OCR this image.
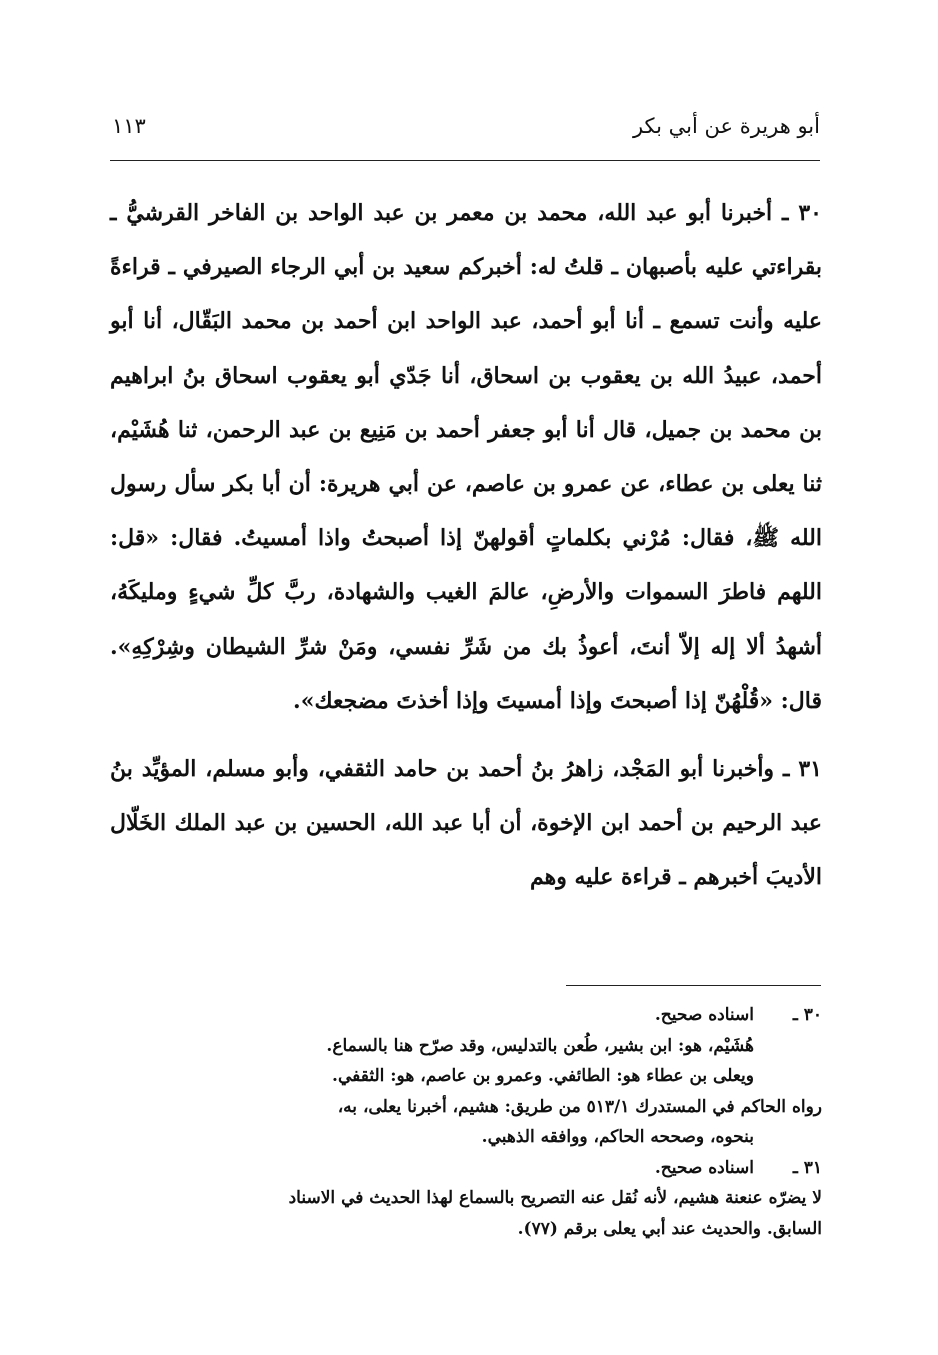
أبو هريرة عن أبي بكر
١١٣

٣٠ ـ أخبرنا أبو عبد الله، محمد بن معمر بن عبد الواحد بن الفاخر القرشيُّ ـ بقراءتي عليه بأصبهان ـ قلتُ له: أخبركم سعيد بن أبي الرجاء الصيرفي ـ قراءةً عليه وأنت تسمع ـ أنا أبو أحمد، عبد الواحد ابن أحمد بن محمد البَقّال، أنا أبو أحمد، عبيدُ الله بن يعقوب بن اسحاق، أنا جَدّي أبو يعقوب اسحاق بنُ ابراهيم بن محمد بن جميل، قال أنا أبو جعفر أحمد بن مَنِيع بن عبد الرحمن، ثنا هُشَيْم، ثنا يعلى بن عطاء، عن عمرو بن عاصم، عن أبي هريرة: أن أبا بكر سأل رسول الله ﷺ، فقال: مُرْني بكلماتٍ أقولهنّ إذا أصبحتُ واذا أمسيتُ. فقال: «قل: اللهم فاطرَ السموات والأرضِ، عالمَ الغيب والشهادة، ربَّ كلِّ شيءٍ ومليكَهُ، أشهدُ ألا إله إلاّ أنتَ، أعوذُ بك من شَرِّ نفسي، ومَنْ شرِّ الشيطان وشِرْكِهِ». قال: «قُلْهُنّ إذا أصبحتَ وإذا أمسيتَ وإذا أخذتَ مضجعك».

٣١ ـ وأخبرنا أبو المَجْد، زاهرُ بنُ أحمد بن حامد الثقفي، وأبو مسلم، المؤيِّد بنُ عبد الرحيم بن أحمد ابن الإخوة، أن أبا عبد الله، الحسين بن عبد الملك الخَلّال الأديبَ أخبرهم ـ قراءة عليه وهم

٣٠ ـ
اسناده صحيح.
هُشَيْم، هو: ابن بشير، طُعن بالتدليس، وقد صرّح هنا بالسماع.
ويعلى بن عطاء هو: الطائفي. وعمرو بن عاصم، هو: الثقفي.
رواه الحاكم في المستدرك ٥١٣/١ من طريق: هشيم، أخبرنا يعلى، به،
بنحوه، وصححه الحاكم، ووافقه الذهبي.
٣١ ـ
اسناده صحيح.
لا يضرّه عنعنة هشيم، لأنه نُقل عنه التصريح بالسماع لهذا الحديث في الاسناد
السابق. والحديث عند أبي يعلى برقم (٧٧).
